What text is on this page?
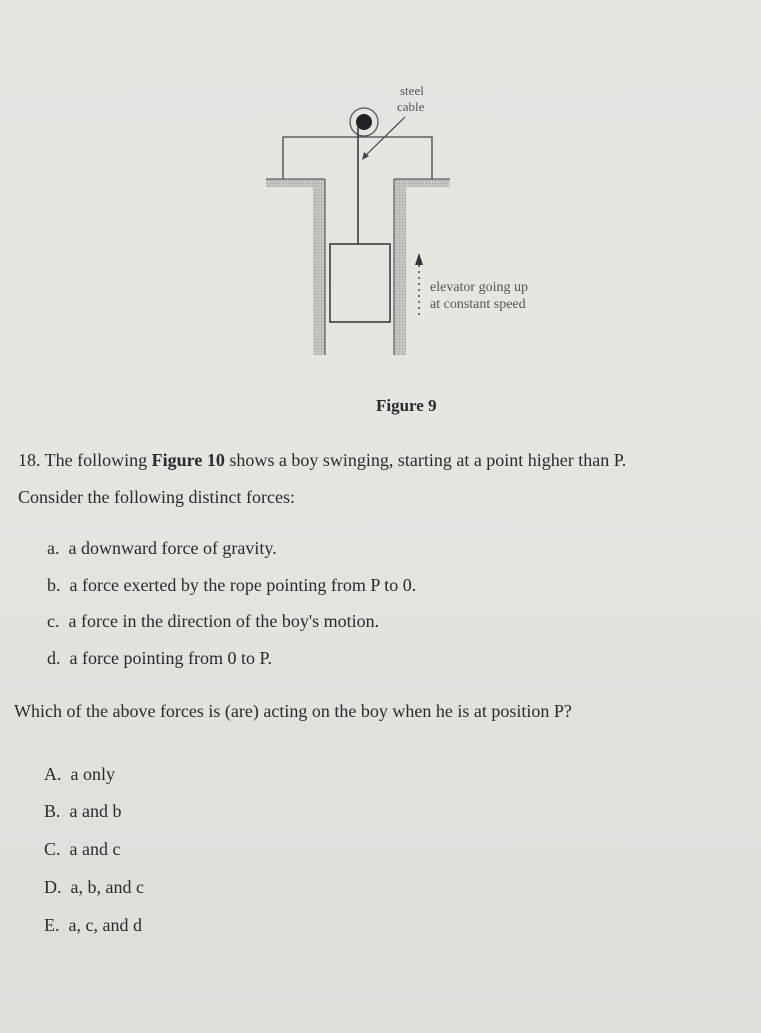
steel
cable
elevator going up
at constant speed
Figure 9
18. The following Figure 10 shows a boy swinging, starting at a point higher than P.
Consider the following distinct forces:
a. a downward force of gravity.
b. a force exerted by the rope pointing from P to 0.
c. a force in the direction of the boy's motion.
d. a force pointing from 0 to P.
Which of the above forces is (are) acting on the boy when he is at position P?
A. a only
B. a and b
C. a and c
D. a, b, and c
E. a, c, and d
